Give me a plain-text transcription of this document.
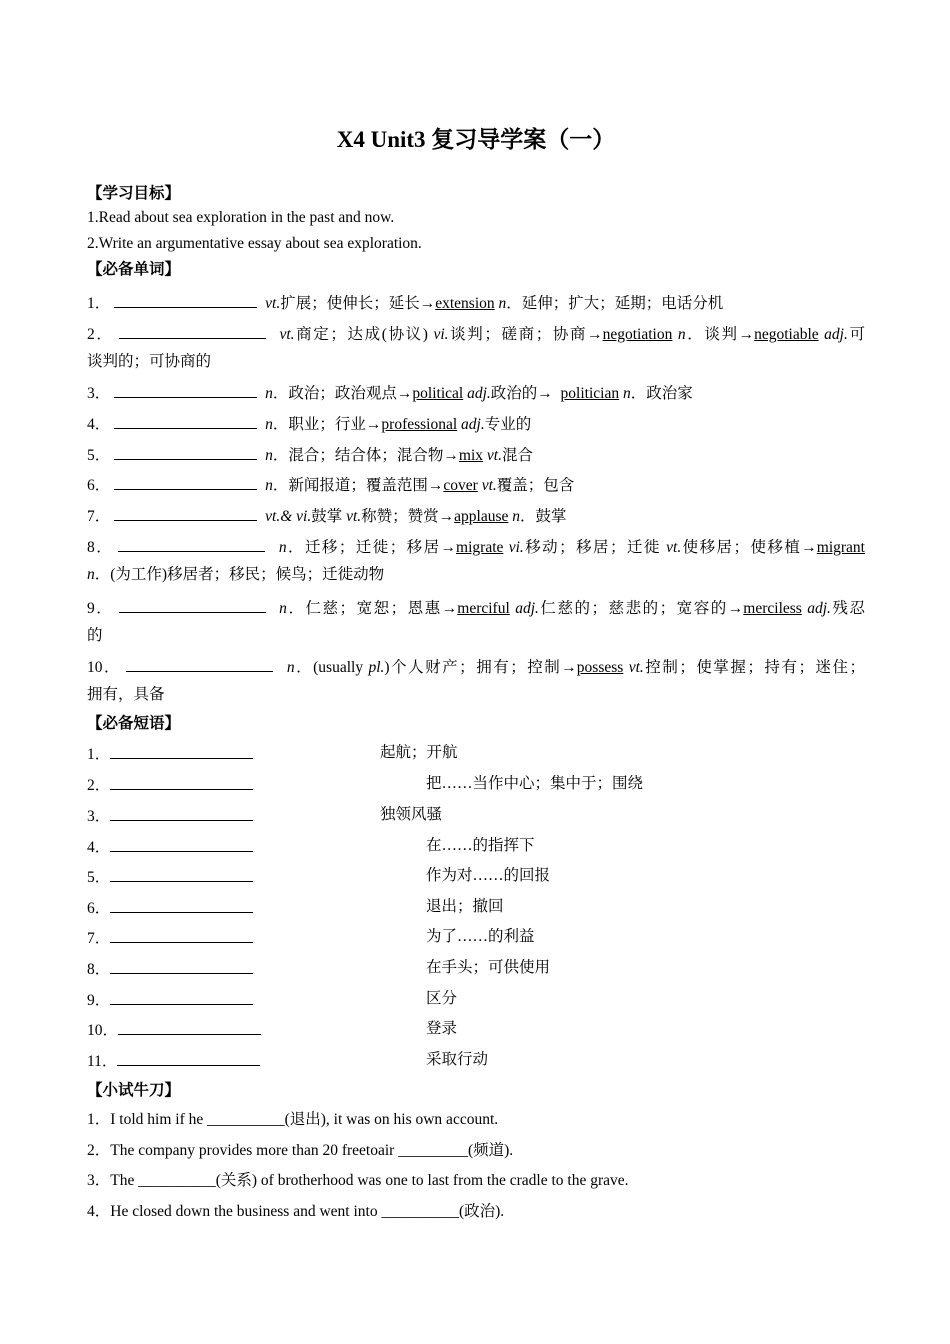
X4 Unit3 复习导学案（一）
【学习目标】
1.Read about sea exploration in the past and now.
2.Write an argumentative essay about sea exploration.
【必备单词】
1．	vt.扩展；使伸长；延长→extension n．延伸；扩大；延期；电话分机
2．	vt.商定；达成(协议) vi.谈判；磋商；协商→negotiation n．谈判→negotiable adj.可
谈判的；可协商的
3．	n．政治；政治观点→political adj.政治的→  politician n．政治家
4．	n．职业；行业→professional adj.专业的
5．	n．混合；结合体；混合物→mix vt.混合
6．	n．新闻报道；覆盖范围→cover vt.覆盖；包含
7．	vt.& vi.鼓掌 vt.称赞；赞赏→applause n．鼓掌
8．	n．迁移；迁徙；移居→migrate vi.移动；移居；迁徙 vt.使移居；使移植→migrant
n．(为工作)移居者；移民；候鸟；迁徙动物
9．	n．仁慈；宽恕；恩惠→merciful adj.仁慈的；慈悲的；宽容的→merciless adj.残忍
的
10．	n．(usually pl.)个人财产；拥有；控制→possess vt.控制；使掌握；持有；迷住；
拥有，具备
【必备短语】
1．	起航；开航
2．	把……当作中心；集中于；围绕
3．	独领风骚
4．	在……的指挥下
5．	作为对……的回报
6．	退出；撤回
7．	为了……的利益
8．	在手头；可供使用
9．	区分
10．	登录
11．	采取行动
【小试牛刀】
1．I told him if he __________(退出), it was on his own account.
2．The company provides more than 20 freetoair _________(频道).
3．The __________(关系) of brotherhood was one to last from the cradle to the grave.
4．He closed down the business and went into __________(政治).
